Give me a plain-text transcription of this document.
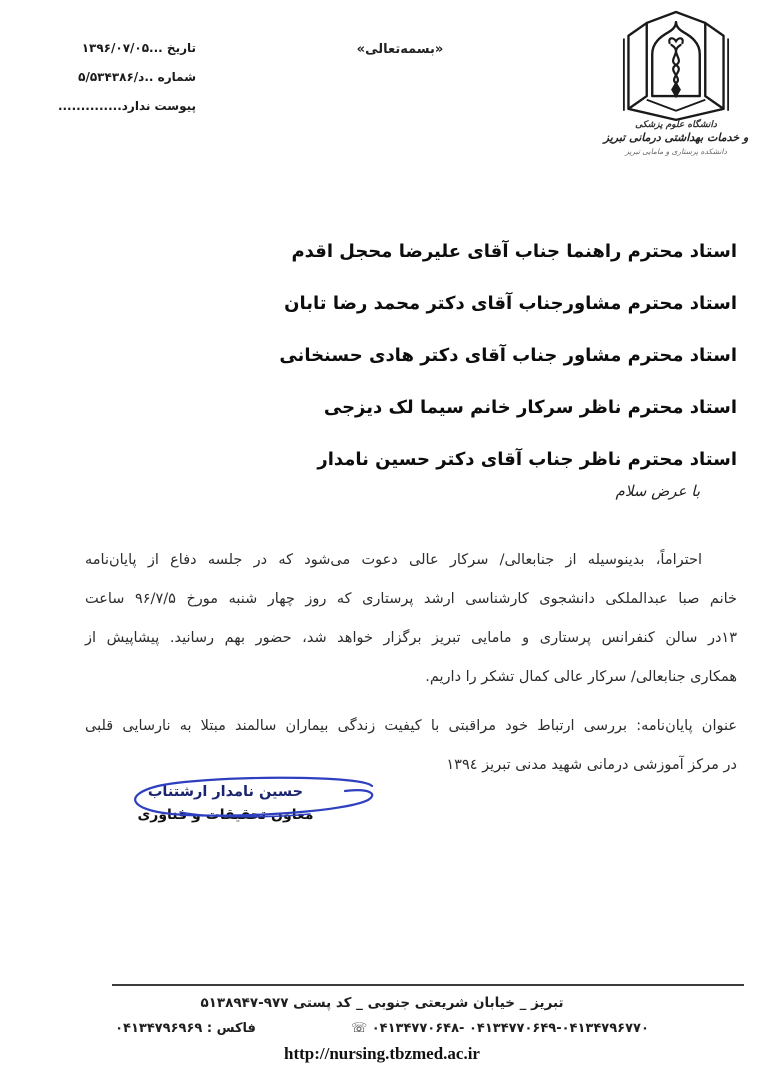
تاریخ ...۱۳۹۶/۰۷/۰۵
شماره ..۵/د/۵۳۴۳۸۶
پیوست ندارد..............
«بسمه‌تعالی»
دانشگاه علوم پزشکی
و خدمات بهداشتی درمانی تبریز
دانشکده پرستاری و مامایی تبریز
استاد محترم راهنما جناب آقای علیرضا محجل اقدم
استاد محترم مشاورجناب آقای دکتر محمد رضا تابان
استاد محترم مشاور جناب آقای دکتر هادی حسنخانی
استاد محترم ناظر سرکار خانم سیما لک دیزجی
استاد محترم ناظر جناب آقای دکتر حسین نامدار
با عرض سلام
احتراماً، بدینوسیله از جنابعالی/ سرکار عالی دعوت می‌شود که در جلسه دفاع از پایان‌نامه
خانم صبا عبدالملکی دانشجوی کارشناسی ارشد پرستاری که روز چهار شنبه مورخ ۹۶/۷/۵ ساعت
۱۳در سالن کنفرانس پرستاری و مامایی تبریز برگزار خواهد شد، حضور بهم رسانید. پیشاپیش از
همکاری جنابعالی/ سرکار عالی کمال تشکر را داریم.
عنوان پایان‌نامه: بررسی ارتباط خود مراقبتی با کیفیت زندگی بیماران سالمند مبتلا به نارسایی قلبی
در مرکز آموزشی درمانی شهید مدنی تبریز ۱۳۹٤
حسین نامدار ارشتناب
معاون تحقیقات و فناوری
تبریز _ خیابان شریعتی جنوبی _ کد پستی ۵۱۳۸۹۴۷-۹۷۷
فاکس : ۰۴۱۳۴۷۹۶۹۶۹	۰۴۱۳۴۷۷۰۶۴۸- ۰۴۱۳۴۷۷۰۶۴۹-۰۴۱۳۴۷۹۶۷۷۰ ☏
http://nursing.tbzmed.ac.ir
